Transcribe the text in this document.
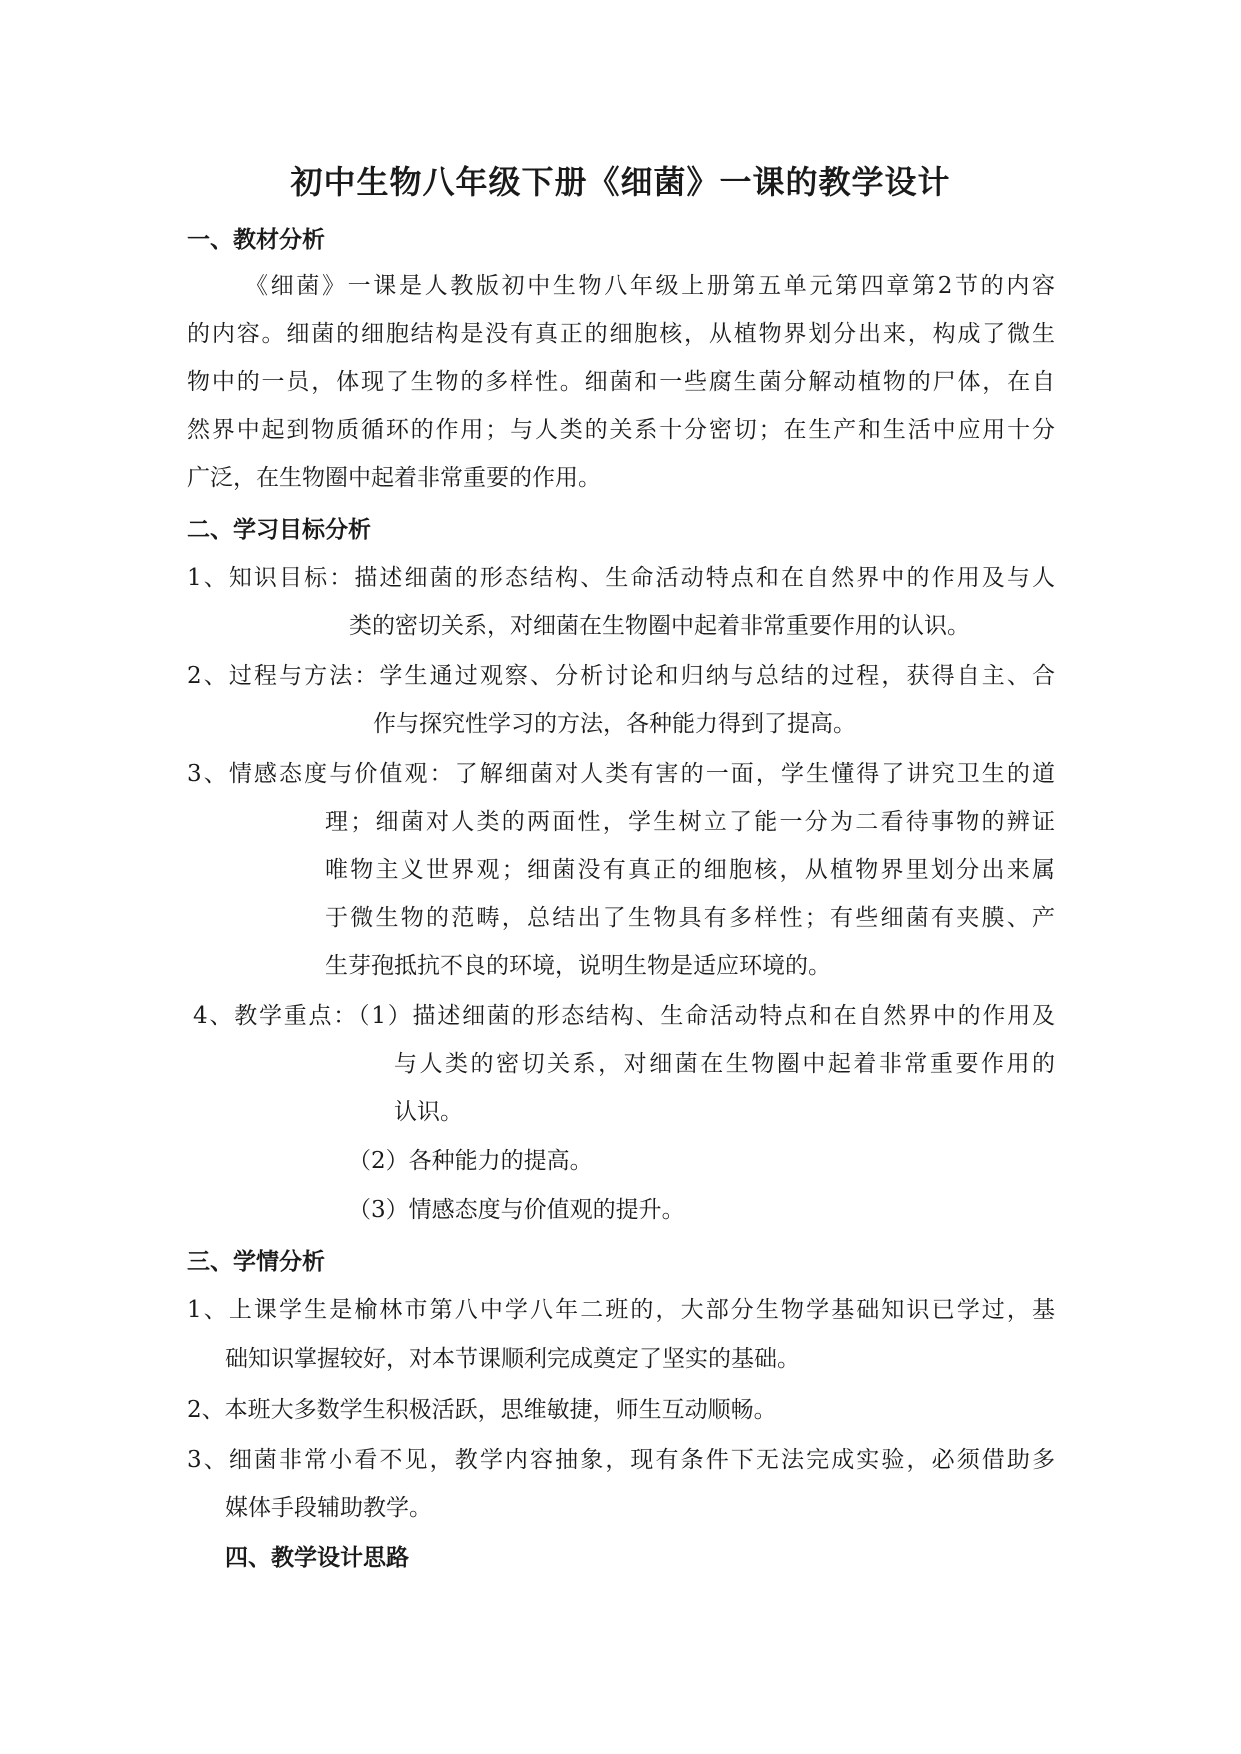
初中生物八年级下册《细菌》一课的教学设计
一、教材分析
《细菌》一课是人教版初中生物八年级上册第五单元第四章第2节的内容
的内容。细菌的细胞结构是没有真正的细胞核，从植物界划分出来，构成了微生
物中的一员，体现了生物的多样性。细菌和一些腐生菌分解动植物的尸体，在自
然界中起到物质循环的作用；与人类的关系十分密切；在生产和生活中应用十分
广泛，在生物圈中起着非常重要的作用。
二、学习目标分析
1、知识目标：描述细菌的形态结构、生命活动特点和在自然界中的作用及与人
类的密切关系，对细菌在生物圈中起着非常重要作用的认识。
2、过程与方法：学生通过观察、分析讨论和归纳与总结的过程，获得自主、合
作与探究性学习的方法，各种能力得到了提高。
3、情感态度与价值观：了解细菌对人类有害的一面，学生懂得了讲究卫生的道
理；细菌对人类的两面性，学生树立了能一分为二看待事物的辨证
唯物主义世界观；细菌没有真正的细胞核，从植物界里划分出来属
于微生物的范畴，总结出了生物具有多样性；有些细菌有夹膜、产
生芽孢抵抗不良的环境，说明生物是适应环境的。
4、教学重点：（1）描述细菌的形态结构、生命活动特点和在自然界中的作用及
与人类的密切关系，对细菌在生物圈中起着非常重要作用的
认识。
（2）各种能力的提高。
（3）情感态度与价值观的提升。
三、学情分析
1、上课学生是榆林市第八中学八年二班的，大部分生物学基础知识已学过，基
础知识掌握较好，对本节课顺利完成奠定了坚实的基础。
2、本班大多数学生积极活跃，思维敏捷，师生互动顺畅。
3、细菌非常小看不见，教学内容抽象，现有条件下无法完成实验，必须借助多
媒体手段辅助教学。
四、教学设计思路
